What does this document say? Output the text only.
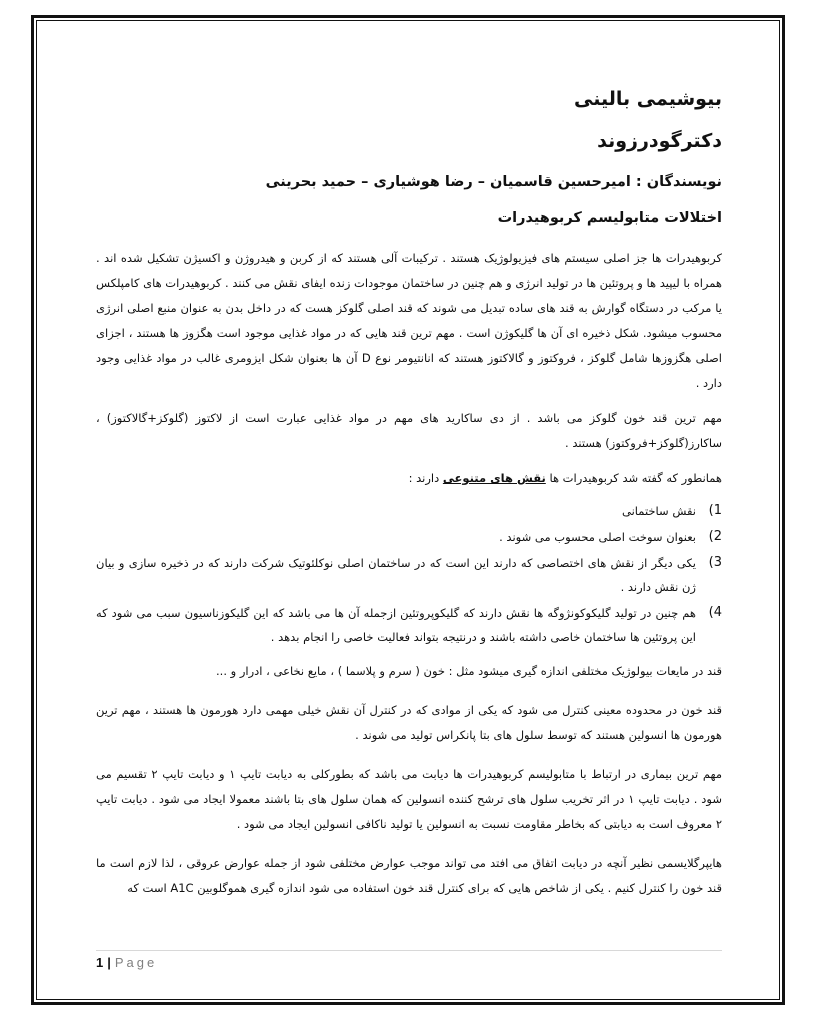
بیوشیمی بالینی
دکترگودرزوند
نویسندگان : امیرحسین قاسمیان – رضا هوشیاری – حمید بحرینی
اختلالات متابولیسم کربوهیدرات

کربوهیدرات ها جز اصلی سیستم های فیزیولوژیک هستند . ترکیبات آلی هستند که از کربن و هیدروژن و اکسیژن تشکیل شده اند . همراه با لیپید ها و پروتئین ها در تولید انرژی و هم چنین در ساختمان موجودات زنده ایفای نقش می کنند . کربوهیدرات های کامپلکس یا مرکب در دستگاه گوارش به قند های ساده تبدیل می شوند که قند اصلی گلوکز هست که در داخل بدن به عنوان منبع اصلی انرژی محسوب میشود. شکل ذخیره ای آن ها گلیکوژن است . مهم ترین قند هایی که در مواد غذایی موجود است هگزوز ها هستند ، اجزای اصلی هگزوزها شامل گلوکز ، فروکتوز و گالاکتوز هستند که انانتیومر نوع D آن ها بعنوان شکل ایزومری غالب در مواد غذایی وجود دارد .

مهم ترین قند خون گلوکز می باشد . از دی ساکارید های مهم در مواد غذایی عبارت است از لاکتوز (گلوکز+گالاکتوز) ، ساکارز(گلوکز+فروکتوز) هستند .

همانطور که گفته شد کربوهیدرات ها نقش های متنوعی دارند :

1)
نقش ساختمانی
2)
بعنوان سوخت اصلی محسوب می شوند .
3)
یکی دیگر از نقش های اختصاصی که دارند این است که در ساختمان اصلی نوکلئوتیک شرکت دارند که در ذخیره سازی و بیان ژن نقش دارند .
4)
هم چنین در تولید گلیکوکونژوگه ها نقش دارند که گلیکوپروتئین ازجمله آن ها می باشد که این گلیکوزناسیون سبب می شود که این پروتئین ها ساختمان خاصی داشته باشند و درنتیجه بتواند فعالیت خاصی را انجام بدهد .

قند در مایعات بیولوژیک مختلفی اندازه گیری میشود مثل : خون ( سرم و پلاسما ) ، مایع نخاعی ، ادرار و ...

قند خون در محدوده معینی کنترل می شود که یکی از موادی که در کنترل آن نقش خیلی مهمی دارد هورمون ها هستند ، مهم ترین هورمون ها انسولین هستند که توسط سلول های بتا پانکراس تولید می شوند .

مهم ترین بیماری در ارتباط با متابولیسم کربوهیدرات ها دیابت می باشد که بطورکلی به دیابت تایپ ۱ و دیابت تایپ ۲ تقسیم می شود . دیابت تایپ ۱ در اثر تخریب سلول های ترشح کننده انسولین که همان سلول های بتا باشند معمولا ایجاد می شود . دیابت تایپ ۲ معروف است به دیابتی که بخاطر مقاومت نسبت به انسولین یا تولید ناکافی انسولین ایجاد می شود .

هایپرگلایسمی نظیر آنچه در دیابت اتفاق می افتد می تواند موجب عوارض مختلفی شود از جمله عوارض عروقی ، لذا لازم است ما قند خون را کنترل کنیم . یکی از شاخص هایی که برای کنترل قند خون استفاده می شود اندازه گیری هموگلوبین A1C است که

1 | Page
